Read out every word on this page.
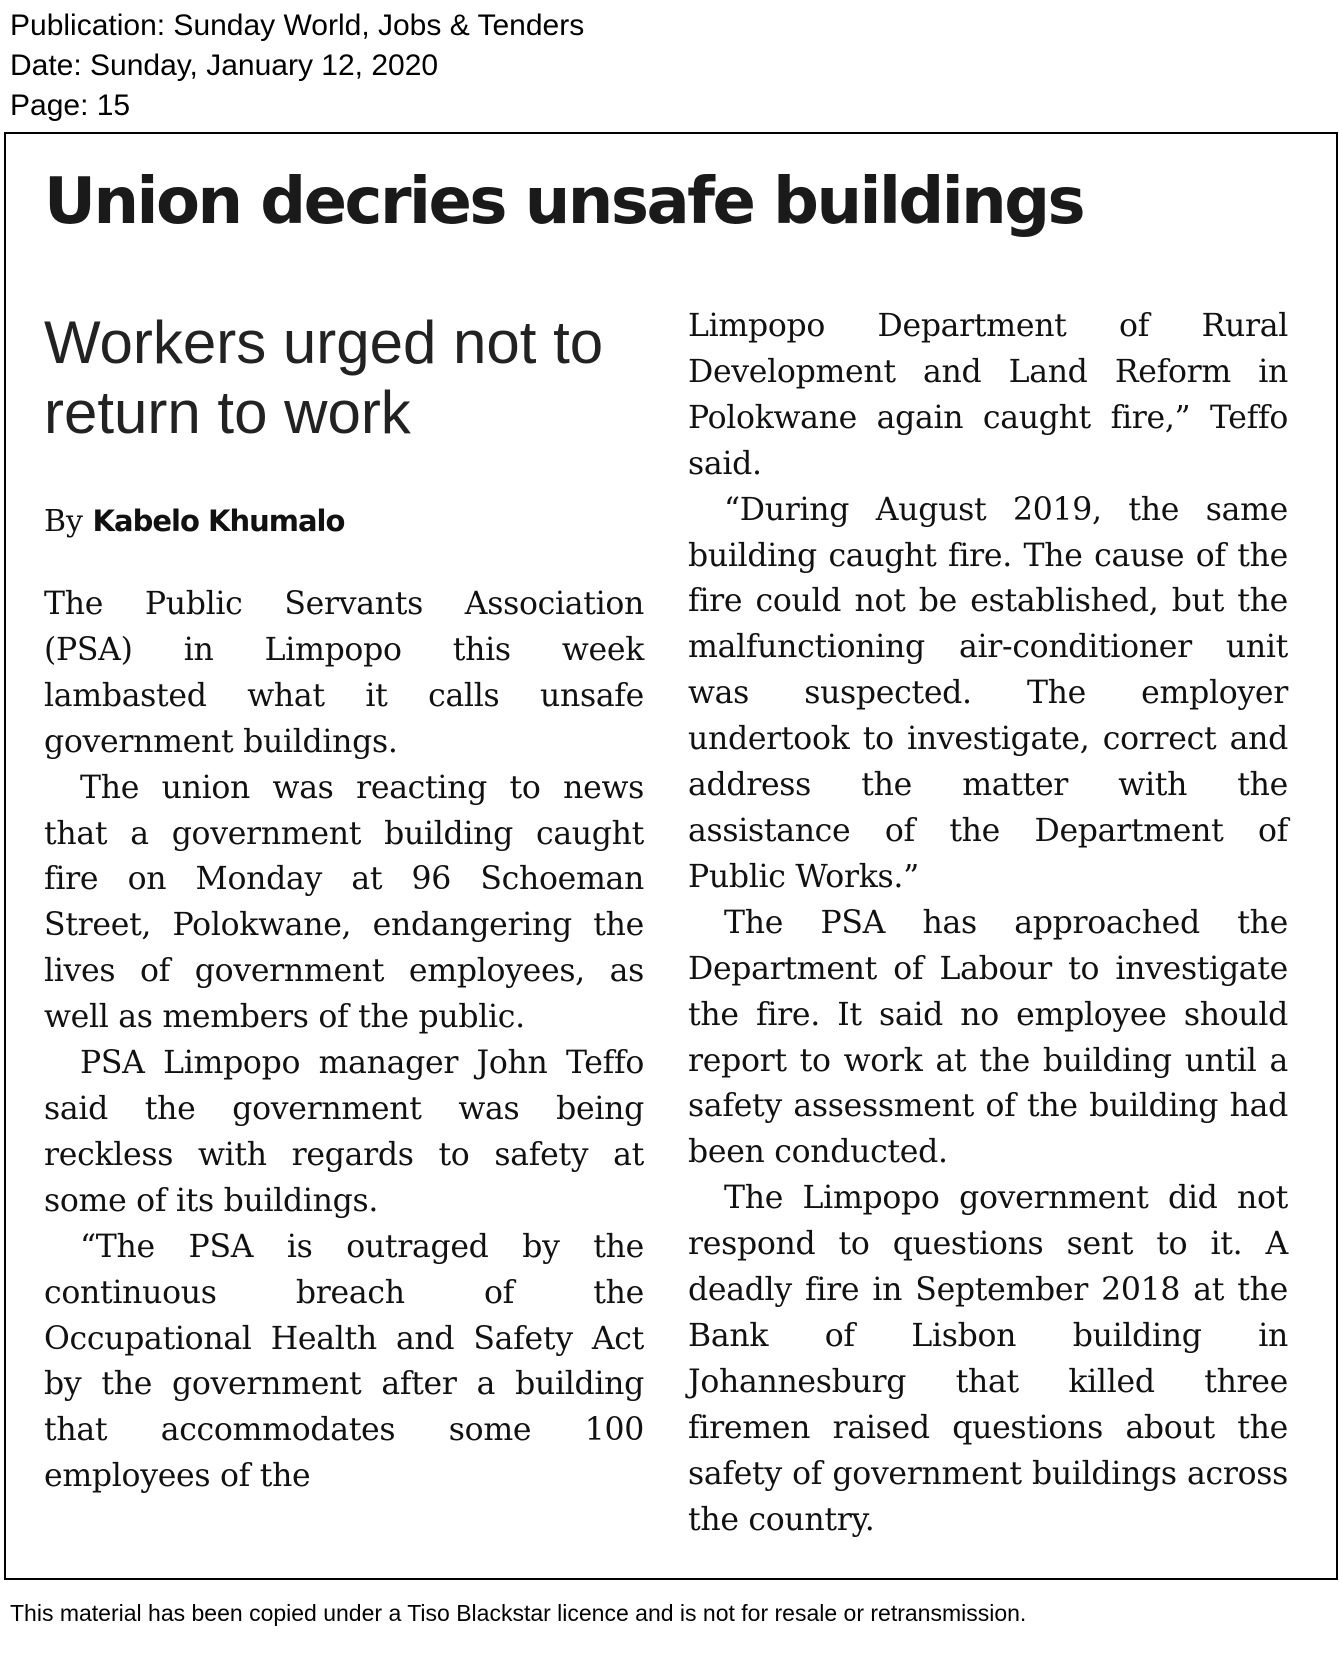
Publication: Sunday World, Jobs & Tenders
Date: Sunday, January 12, 2020
Page: 15
Union decries unsafe buildings
Workers urged not to return to work
By Kabelo Khumalo

The Public Servants Association (PSA) in Limpopo this week lambasted what it calls unsafe government buildings.

The union was reacting to news that a government building caught fire on Monday at 96 Schoeman Street, Polokwane, endangering the lives of government employees, as well as members of the public.

PSA Limpopo manager John Teffo said the government was being reckless with regards to safety at some of its buildings.

“The PSA is outraged by the continuous breach of the Occupational Health and Safety Act by the government after a building that accommodates some 100 employees of the

Limpopo Department of Rural Development and Land Reform in Polokwane again caught fire,” Teffo said.

“During August 2019, the same building caught fire. The cause of the fire could not be established, but the malfunctioning air-conditioner unit was suspected. The employer undertook to investigate, correct and address the matter with the assistance of the Department of Public Works.”

The PSA has approached the Department of Labour to investigate the fire. It said no employee should report to work at the building until a safety assessment of the building had been conducted.

The Limpopo government did not respond to questions sent to it. A deadly fire in September 2018 at the Bank of Lisbon building in Johannesburg that killed three firemen raised questions about the safety of government buildings across the country.

This material has been copied under a Tiso Blackstar licence and is not for resale or retransmission.
